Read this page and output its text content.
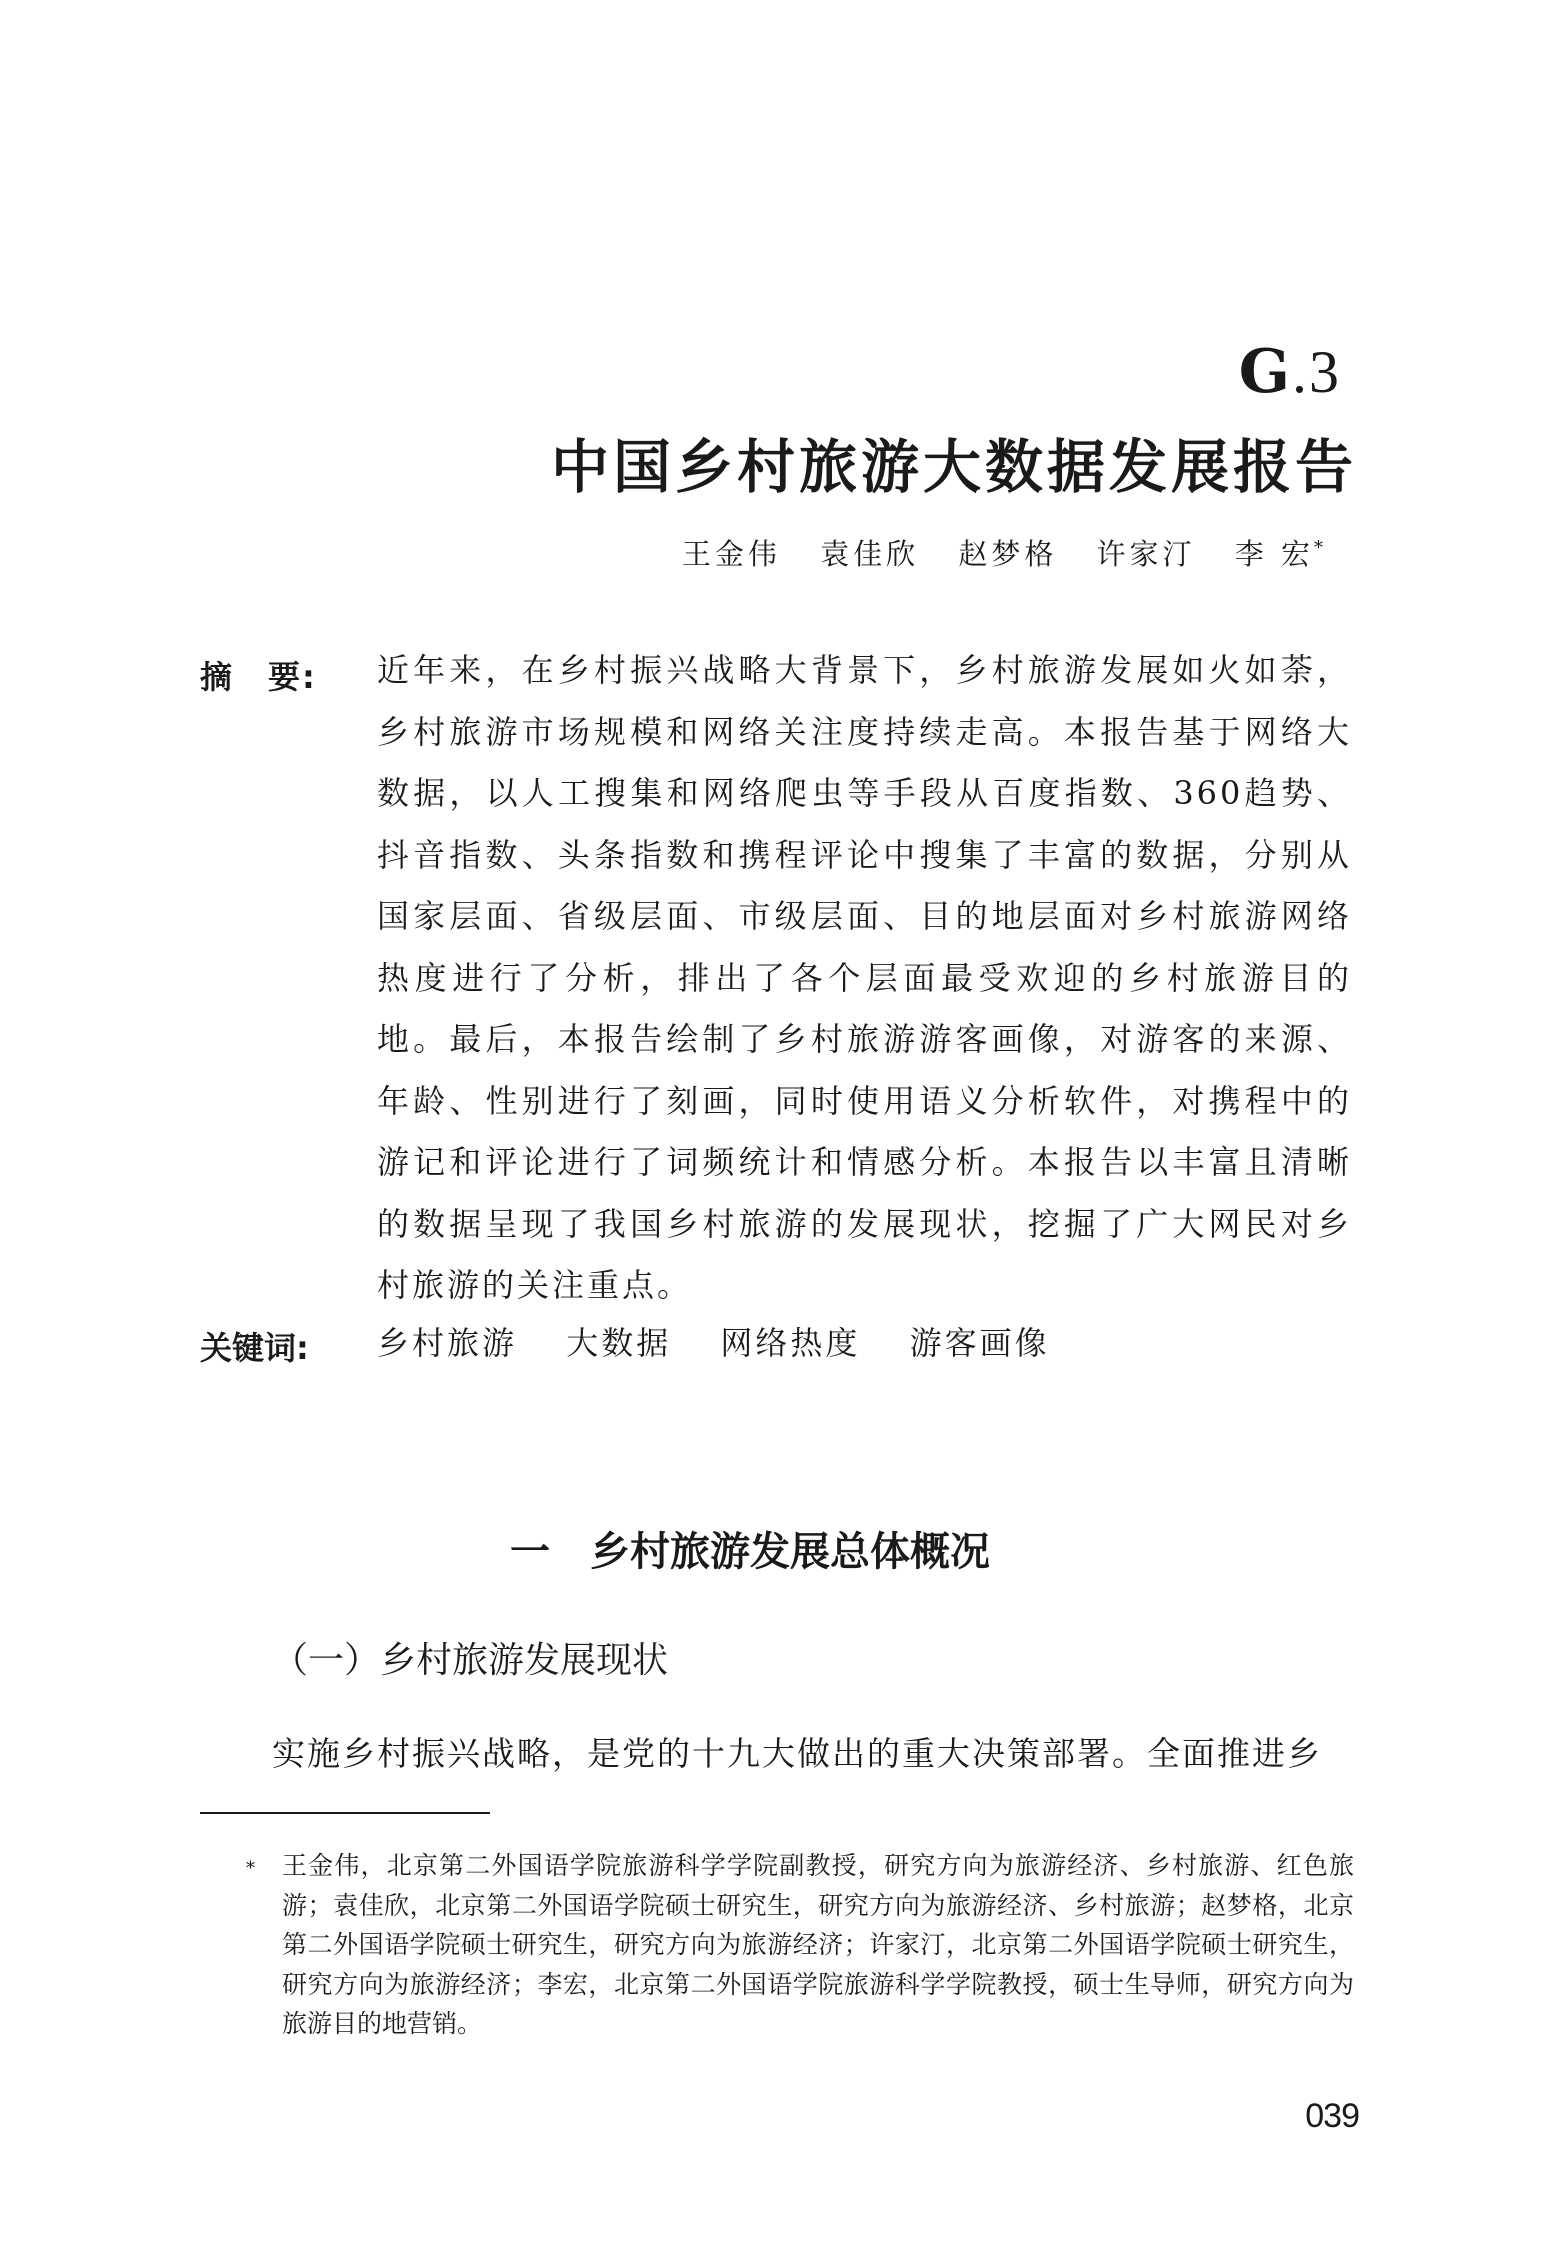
G.3
中国乡村旅游大数据发展报告
王金伟 袁佳欣 赵梦格 许家汀 李 宏*
摘　要: 近年来，在乡村振兴战略大背景下，乡村旅游发展如火如荼，乡村旅游市场规模和网络关注度持续走高。本报告基于网络大数据，以人工搜集和网络爬虫等手段从百度指数、360趋势、抖音指数、头条指数和携程评论中搜集了丰富的数据，分别从国家层面、省级层面、市级层面、目的地层面对乡村旅游网络热度进行了分析，排出了各个层面最受欢迎的乡村旅游目的地。最后，本报告绘制了乡村旅游游客画像，对游客的来源、年龄、性别进行了刻画，同时使用语义分析软件，对携程中的游记和评论进行了词频统计和情感分析。本报告以丰富且清晰的数据呈现了我国乡村旅游的发展现状，挖掘了广大网民对乡村旅游的关注重点。
关键词: 乡村旅游 大数据 网络热度 游客画像
一　乡村旅游发展总体概况
（一）乡村旅游发展现状
实施乡村振兴战略，是党的十九大做出的重大决策部署。全面推进乡
* 王金伟，北京第二外国语学院旅游科学学院副教授，研究方向为旅游经济、乡村旅游、红色旅游；袁佳欣，北京第二外国语学院硕士研究生，研究方向为旅游经济、乡村旅游；赵梦格，北京第二外国语学院硕士研究生，研究方向为旅游经济；许家汀，北京第二外国语学院硕士研究生，研究方向为旅游经济；李宏，北京第二外国语学院旅游科学学院教授，硕士生导师，研究方向为旅游目的地营销。
039
